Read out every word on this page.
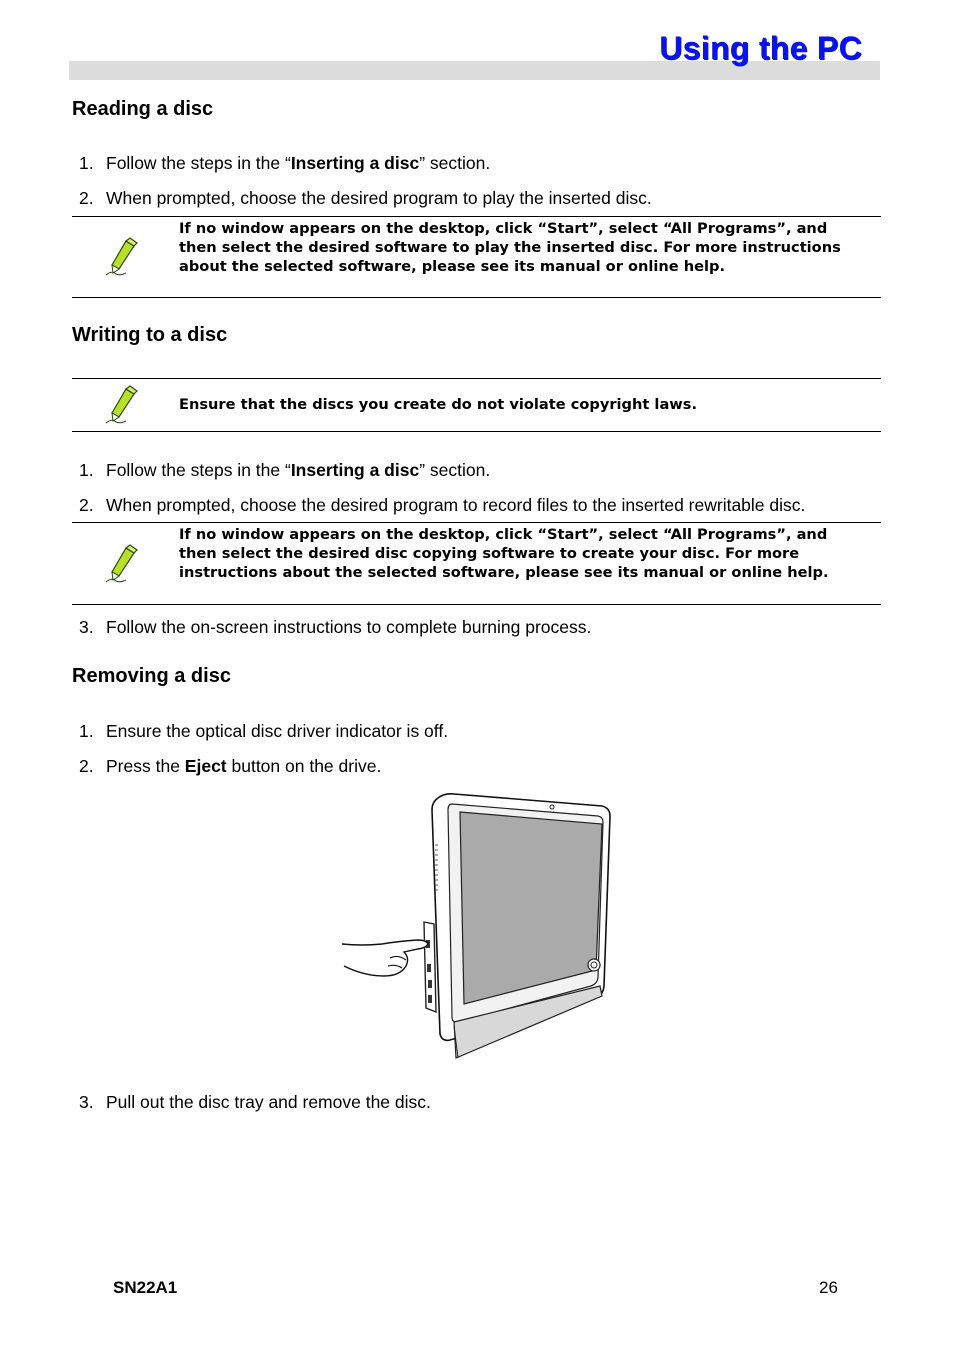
Using the PC
Reading a disc
1. Follow the steps in the “Inserting a disc” section.
2. When prompted, choose the desired program to play the inserted disc.
If no window appears on the desktop, click “Start”, select “All Programs”, and then select the desired software to play the inserted disc. For more instructions about the selected software, please see its manual or online help.
Writing to a disc
Ensure that the discs you create do not violate copyright laws.
1. Follow the steps in the “Inserting a disc” section.
2. When prompted, choose the desired program to record files to the inserted rewritable disc.
If no window appears on the desktop, click “Start”, select “All Programs”, and then select the desired disc copying software to create your disc. For more instructions about the selected software, please see its manual or online help.
3. Follow the on-screen instructions to complete burning process.
Removing a disc
1. Ensure the optical disc driver indicator is off.
2. Press the Eject button on the drive.
3. Pull out the disc tray and remove the disc.
SN22A1	26
